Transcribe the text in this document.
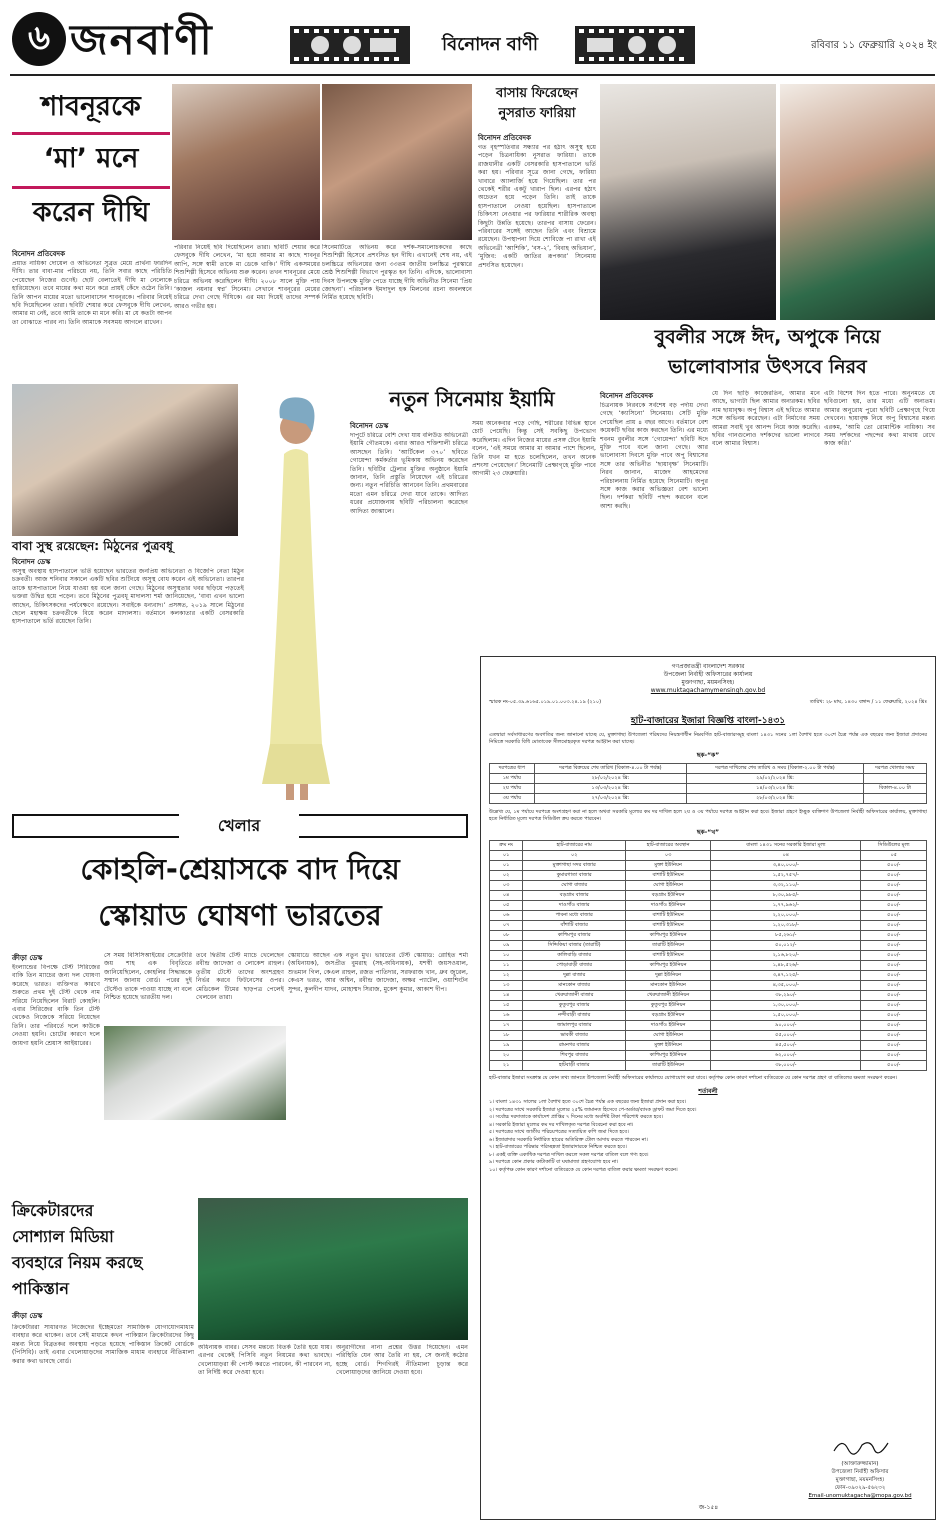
৬ জনবাণী	বিনোদন বাণী	রবিবার ১১ ফেব্রুয়ারি ২০২৪ ইং
শাবনূরকে
‘মা’ মনে
করেন দীঘি
বিনোদন প্রতিবেদক
প্রয়াত নায়িকা দোয়েল ও অভিনেতা সুব্রত মেয়ে প্রার্থনা ফারদিন দীঘি। তার বাবা-মার পরিচয়ে নয়, তিনি সবার কাছে পরিচিতি পেয়েছেন নিজের গুণেই। ছোট বেলাতেই দীঘি মা নেলোকে হারিয়েছেন। তবে মায়ের কথা মনে করে প্রায়ই কেঁদে ওঠেন তিনি। তিনি আপন মায়ের মতো ভালোবাসেন শাবনূরকে। পরিবার নিয়েই ছবি দিয়েছিলেন তারা। ছবিটি শেয়ার করে ফেসবুকে দীঘি লেখেন, আমার মা নেই, তবে আমি তাকে মা মনে করি। মা যে কতটা আপন তা বোঝাতে পারব না। তিনি আমাকে সবসময় আগলে রাখেন।
পরিবার নিয়েই ছবি দিয়েছিলেন তারা। ছবিটি শেয়ার করে ফেসবুকে দীঘি লেখেন, ‘মা হয়ে আমার মা কাছে শাবনূর আপি, সঙ্গে স্বামী তাকে মা ডেকে থাকি।’ দীঘি একসময়ের শিশুশিল্পী হিসেবে অভিনয় শুরু করেন। তখন শাবনূরের মেয়ে চরিত্রে অভিনয় করেছিলেন দীঘি। ২০০৮ সালে মুক্তি পায় ‘কাজল নয়নার স্বপ্ন’ সিনেমা। সেখানে শাবনূরের মেয়ের চরিত্রে দেখা গেছে দীঘিকে। এর মধ্য দিয়েই তাদের সম্পর্ক আরও গভীর হয়।
সিনেমাটিতে অভিনয় করে দর্শক-সমালোচকদের কাছে শিশুশিল্পী হিসেবে প্রশংসিত হন দীঘি। এখানেই শেষ নয়, এই চলচ্চিত্রে অভিনয়ের জন্য ৩৩তম জাতীয় চলচ্চিত্র পুরস্কারে শ্রেষ্ঠ শিশুশিল্পী বিভাগে পুরস্কৃত হন তিনি। এদিকে, ভালোবাসা দিবস উপলক্ষে মুক্তি পেতে যাচ্ছে দীঘি অভিনীত সিনেমা ‘প্রিয় জোছনা’। পরিচালক ইমদাদুল হক মিলনের রচনা অবলম্বনে নির্মিত হয়েছে ছবিটি।
বাসায় ফিরেছেন
নুসরাত ফারিয়া
বিনোদন প্রতিবেদক
গত বৃহস্পতিবার সন্ধ্যার পর হঠাৎ অসুস্থ হয়ে পড়েন চিত্রনায়িকা নুসরাত ফারিয়া। তাকে রাজধানীর একটি বেসরকারি হাসপাতালে ভর্তি করা হয়। পরিবার সূত্রে জানা গেছে, ফারিয়া খাবারে অ্যালার্জি হয়ে গিয়েছিল। তার পর থেকেই শরীর একটু খারাপ ছিল। এরপর হঠাৎ অচেতন হয়ে পড়েন তিনি। তাই তাকে হাসপাতালে নেওয়া হয়েছিল। হাসপাতালে চিকিৎসা নেওয়ার পর ফারিয়ার শারীরিক অবস্থা কিছুটা উন্নতি হয়েছে। তারপর বাসায় ফেরেন। পরিবারের সঙ্গেই আছেন তিনি এবং বিশ্রামে রয়েছেন। উপস্থাপনা দিয়ে শোবিজে পা রাখা এই অভিনেত্রী ‘আশিকি’, ‘বস-২’, ‘বিবাহ অভিযান’, ‘মুজিব: একটি জাতির রূপকার’ সিনেমায় প্রশংসিত হয়েছেন।
বুবলীর সঙ্গে ঈদ, অপুকে নিয়ে
ভালোবাসার উৎসবে নিরব
বিনোদন প্রতিবেদক
চিত্রনায়ক নিরবকে সর্বশেষ বড় পর্দায় দেখা গেছে ‘ক্যাসিনো’ সিনেমায়। সেটি মুক্তি পেয়েছিল প্রায় ৪ বছর আগে। বর্তমানে বেশ কয়েকটি ছবির কাজ করছেন তিনি। এর মধ্যে শবনম বুবলীর সঙ্গে ‘গোয়েন্দা’ ছবিটি ঈদে মুক্তি পাবে বলে জানা গেছে। আর ভালোবাসা দিবসে মুক্তি পাবে অপু বিশ্বাসের সঙ্গে তার অভিনীত ‘ছায়াবৃক্ষ’ সিনেমাটি। নিরব জানান, মাজেদ আহমেদের পরিচালনায় নির্মিত হয়েছে সিনেমাটি। অপুর সঙ্গে কাজ করার অভিজ্ঞতা বেশ ভালো ছিল। দর্শকরা ছবিটি পছন্দ করবেন বলে আশা করছি।
যে দিন ছাড়ি কাজেরতিন, আমার মনে আছে, ভাগ্যটা ছিল আমার অন্যরকম। ছবির নাম ছায়াবৃক্ষ। অপু বিশ্বাস এই ছবিতে আমার সঙ্গে অভিনয় করেছেন। এটা নির্মাণের সময় আমরা সবাই খুব আনন্দ নিয়ে কাজ করেছি। ছবির গানগুলোও দর্শকদের ভালো লাগবে বলে আমার বিশ্বাস।
এটা বিশেষ দিন হতে পারে। অনুনমতে যে ছবিগুলো হয়, তার মধ্যে এটি অন্যতম। আমার অনুরোধ পুরো ছবিটি প্রেক্ষাগৃহে গিয়ে দেখবেন। ছায়াবৃক্ষ নিয়ে অপু বিশ্বাসের মন্তব্য এরকম, ‘আমি তো রোমান্টিক নায়িকা। সব সময় দর্শকদের পছন্দের কথা মাথায় রেখে কাজ করি।’
বাবা সুস্থ রয়েছেন: মিঠুনের পুত্রবধূ
বিনোদন ডেস্ক
অসুস্থ অবস্থায় হাসপাতালে ভর্তি হয়েছেন ভারতের জনপ্রিয় অভিনেতা ও বিজেপি নেতা মিঠুন চক্রবর্তী। আজ শনিবার সকালে একটি ছবির শুটিংয়ে অসুস্থ বোধ করেন এই অভিনেতা। তারপর তাকে হাসপাতালে নিয়ে যাওয়া হয় বলে জানা গেছে। মিঠুনের অসুস্থতার খবর ছড়িয়ে পড়তেই ভক্তরা উদ্বিগ্ন হয়ে পড়েন। তবে মিঠুনের পুত্রবধূ মাদালসা শর্মা জানিয়েছেন, ‘বাবা এখন ভালো আছেন, চিকিৎসকদের পর্যবেক্ষণে রয়েছেন। সবাইকে ধন্যবাদ।’ প্রসঙ্গত, ২০১৯ সালে মিঠুনের ছেলে মহাক্ষয় চক্রবর্তীকে বিয়ে করেন মাদালসা। বর্তমানে কলকাতার একটি বেসরকারি হাসপাতালে ভর্তি রয়েছেন তিনি।
নতুন সিনেমায় ইয়ামি
বিনোদন ডেস্ক
দাপুটে চরিত্রে বেশি দেখা যায় বলিউড অভিনেত্রী ইয়ামি গৌতমকে। এবার আরও শক্তিশালী চরিত্রে আসছেন তিনি। ‘আর্টিকেল ৩৭০’ ছবিতে গোয়েন্দা কর্মকর্তার ভূমিকায় অভিনয় করেছেন তিনি। ছবিটির ট্রেলার মুক্তির অনুষ্ঠানে ইয়ামি জানান, তিনি প্রস্তুতি নিয়েছেন এই চরিত্রের জন্য। নতুন পরিচিতি আনবেন তিনি। প্রথমবারের মতো এমন চরিত্রে দেখা যাবে তাকে। আদিত্য ধরের প্রযোজনায় ছবিটি পরিচালনা করেছেন আদিত্য জাম্ভালে।
সময় অনেকবার পড়ে গেছি, শরীরের বিভিন্ন স্থানে চোট পেয়েছি। কিন্তু সেই সবকিছু উপভোগ করেছিলাম। এদিন নিজের মায়ের প্রসঙ্গ টেনে ইয়ামি বলেন, ‘এই সময়ে আমার মা আমার পাশে ছিলেন, তিনি যখন মা হতে চলেছিলেন, তখন অনেক প্রশংসা পেয়েছেন।’ সিনেমাটি প্রেক্ষাগৃহে মুক্তি পাবে আগামী ২৩ ফেব্রুয়ারি।
খেলার
কোহলি-শ্রেয়াসকে বাদ দিয়ে
স্কোয়াড ঘোষণা ভারতের
ক্রীড়া ডেস্ক
ইংল্যান্ডের বিপক্ষে টেস্ট সিরিজের বাকি তিন ম্যাচের জন্য দল ঘোষণা করেছে ভারত। ব্যক্তিগত কারণে শুরুতে প্রথম দুই টেস্ট থেকে নাম সরিয়ে নিয়েছিলেন বিরাট কোহলি। এবার সিরিজের বাকি তিন টেস্ট থেকেও নিজেকে সরিয়ে নিয়েছেন তিনি। তার পরিবর্তে দলে কাউকে নেওয়া হয়নি। চোটের কারণে দলে জায়গা হয়নি শ্রেয়াস আইয়ারের।
সে সময় বিসিসিআইয়ের সেক্রেটারি জয় শাহ এক বিবৃতিতে জানিয়েছিলেন, কোহলির সিদ্ধান্তকে সম্মান জানায় বোর্ড। পরের দুই টেস্টেও তাকে পাওয়া যাচ্ছে না বলে নিশ্চিত হয়েছে ভারতীয় দল।
তবে দ্বিতীয় টেস্ট ম্যাচে খেলেছেন রবীন্দ্র জাদেজা ও লোকেশ রাহুল। তৃতীয় টেস্টে তাদের অংশগ্রহণ নির্ভর করবে ফিটনেসের ওপর। মেডিকেল টিমের ছাড়পত্র পেলেই খেলবেন তারা।
স্কোয়াডে আছেন এক নতুন মুখ। ভারতের টেস্ট স্কোয়াড: রোহিত শর্মা (অধিনায়ক), জসপ্রীত বুমরাহ (সহ-অধিনায়ক), যশস্বী জয়সওয়াল, শুভমান গিল, কেএল রাহুল, রজত পাতিদার, সরফরাজ খান, ধ্রুব জুরেল, কেএস ভরত, আর অশ্বিন, রবীন্দ্র জাদেজা, অক্ষর প্যাটেল, ওয়াশিংটন সুন্দর, কুলদীপ যাদব, মোহাম্মদ সিরাজ, মুকেশ কুমার, আকাশ দীপ।
ক্রিকেটারদের
সোশ্যাল মিডিয়া
ব্যবহারে নিয়ম করছে
পাকিস্তান
ক্রীড়া ডেস্ক
ক্রিকেটাররা সাধারণত নিজেদের ইচ্ছেমতো সামাজিক যোগাযোগমাধ্যম ব্যবহার করে থাকেন। তবে সেই মাধ্যমে কখন পাকিস্তান ক্রিকেটারদের কিছু মন্তব্য নিয়ে বিব্রতকর অবস্থায় পড়তে হয়েছে পাকিস্তান ক্রিকেট বোর্ডকে (পিসিবি)। তাই এবার খেলোয়াড়দের সামাজিক মাধ্যম ব্যবহারে নীতিমালা করার কথা ভাবছে বোর্ড।
অধিনায়ক বাবর। সেসব মন্তব্যে বিতর্ক তৈরি হয়ে যায়। এরপর থেকেই পিসিবি নতুন নিয়মের কথা ভাবছে। খেলোয়াড়রা কী পোস্ট করতে পারবেন, কী পারবেন না, তা নির্দিষ্ট করে দেওয়া হবে।
অনুরাগীদের নানা প্রশ্নের উত্তর দিয়েছেন। এমন পরিস্থিতি যেন আর তৈরি না হয়, সে জন্যই কঠোর হচ্ছে বোর্ড। শিগগিরই নীতিমালা চূড়ান্ত করে খেলোয়াড়দের জানিয়ে দেওয়া হবে।
গণপ্রজাতন্ত্রী বাংলাদেশ সরকার
উপজেলা নির্বাহী অফিসারের কার্যালয়
মুক্তাগাছা, ময়মনসিংহ।
www.muktagachamymensingh.gov.bd
স্মারক নং-০৫.৩৯.৬১৬৫.০১৯.০১.০০৩.২৪.১৯ (২১০)	তারিখ: ২৮ মাঘ, ১৪৩০ বঙ্গাব্দ / ১১ ফেব্রুয়ারি, ২০২৪ খ্রিঃ
হাট-বাজারের ইজারা বিজ্ঞপ্তি বাংলা-১৪৩১
এতদ্বারা সর্বসাধারণের অবগতির জন্য জানানো যাচ্ছে যে, মুক্তাগাছা উপজেলা পরিষদের নিয়ন্ত্রণাধীন নিম্নবর্ণিত হাট-বাজারসমূহ বাংলা ১৪৩১ সনের ১লা বৈশাখ হতে ৩০শে চৈত্র পর্যন্ত এক বছরের জন্য ইজারা প্রদানের নিমিত্তে সরকারি বিধি মোতাবেক সীলমোহরকৃত দরপত্র আহ্বান করা যাচ্ছে।
ছক-“ক”
দরপত্রের ধাপ	দরপত্র বিক্রয়ের শেষ তারিখ (বিকাল-৪.০০ টা পর্যন্ত)	দরপত্র দাখিলের শেষ তারিখ ও সময় (বিকাল-২.০০ টা পর্যন্ত)	দরপত্র খোলার সময়
১ম পর্যায়	২৮/০২/২০২৪ খ্রি:	২৯/০২/২০২৪ খ্রি:	
২য় পর্যায়	১৩/০৩/২০২৪ খ্রি:	১৪/০৩/২০২৪ খ্রি:	বিকাল-৪.০০ টা
৩য় পর্যায়	২৭/০৩/২০২৪ খ্রি:	২৮/০৩/২০২৪ খ্রি:	
উল্লেখ্য যে, ১ম পর্যায়ে দরপত্রে অংশগ্রহণ করা না হলে অথবা সরকারি মূল্যের কম দর দাখিল হলে ২য় ও ৩য় পর্যায়ে দরপত্র আহ্বান করা হবে। ইজারা গ্রহণে ইচ্ছুক ব্যক্তিগণ উপজেলা নির্বাহী অফিসারের কার্যালয়, মুক্তাগাছা হতে নির্ধারিত মূল্যে দরপত্র সিডিউল ক্রয় করতে পারবেন।
ছক-“খ”
ক্রম নং	হাট-বাজারের নাম	হাট-বাজারের অবস্থান	বাংলা ১৪৩১ সনের সরকারি ইজারা মূল্য	সিডিউলের মূল্য
০১	০২	০৩	০৪	০৫
০১	মুক্তাগাছা সদর বাজার	মুক্তা ইউনিয়ন	৩,৪০,০০০/-	৫০০/-
০২	কুমারগাতা বাজার	বাশাটি ইউনিয়ন	১,৫২,৭৫৭/-	৫০০/-
০৩	ঘোগা বাজার	ঘোগা ইউনিয়ন	৩,৩২,১১০/-	৫০০/-
০৪	বড়গ্রাম বাজার	বড়গ্রাম ইউনিয়ন	৮,৩০,৯৮৫/-	৫০০/-
০৫	দাওগাঁও বাজার	দাওগাঁও ইউনিয়ন	১,৭৭,৯৬২/-	৫০০/-
০৬	পাবনা মধ্যে বাজার	বাশাটি ইউনিয়ন	২,২০,০০০/-	৫০০/-
০৭	বাঁশাটি বাজার	বাশাটি ইউনিয়ন	১,২০,৩১৮/-	৫০০/-
০৮	কাশিমপুর বাজার	কাশিমপুর ইউনিয়ন	৮৫,২৬১/-	৫০০/-
০৯	সিদ্দিকিয়া বাজার (তারাটি)	তারাটি ইউনিয়ন	৫০,০১২/-	৫০০/-
১০	কালিবাড়ি বাজার	বাশাটি ইউনিয়ন	২,১৬,৮২০/-	৫০০/-
১১	পোড়াবাড়ী বাজার	কাশিমপুর ইউনিয়ন	১,৪৮,৫২৬/-	৫০০/-
১২	দুল্লা বাজার	দুল্লা ইউনিয়ন	৩,৪৭,১২৫/-	৫০০/-
১৩	মানকোন বাজার	মানকোন ইউনিয়ন	৪,৩৫,০০০/-	৫০০/-
১৪	খেরুয়াজানী বাজার	খেরুয়াজানী ইউনিয়ন	৩৮,২৯০/-	৫০০/-
১৫	কুতুবপুর বাজার	কুতুবপুর ইউনিয়ন	১,৩০,০০০/-	৫০০/-
১৬	নন্দীবাড়ী বাজার	বড়গ্রাম ইউনিয়ন	১,৫০,০০০/-	৫০০/-
১৭	জামালপুর বাজার	দাওগাঁও ইউনিয়ন	৯০,০০০/-	৫০০/-
১৮	ভাবকী বাজার	ঘোগা ইউনিয়ন	৫৫,০০০/-	৫০০/-
১৯	রামনগর বাজার	মুক্তা ইউনিয়ন	৪৫,৫০০/-	৫০০/-
২০	শিবপুর বাজার	কাশিমপুর ইউনিয়ন	৬২,০০০/-	৫০০/-
২১	হাটবাড়ী বাজার	তারাটি ইউনিয়ন	৩৮,০০০/-	৫০০/-
হাট-বাজার ইজারা সংক্রান্ত যে কোন তথ্য জানতে উপজেলা নির্বাহী অফিসারের কার্যালয়ে যোগাযোগ করা যাবে। কর্তৃপক্ষ কোন কারণ দর্শানো ব্যতিরেকে যে কোন দরপত্র গ্রহণ বা বাতিলের ক্ষমতা সংরক্ষণ করেন।
শর্তাবলী
১। বাংলা ১৪৩১ সালের ১লা বৈশাখ হতে ৩০শে চৈত্র পর্যন্ত এক বছরের জন্য ইজারা প্রদান করা হবে।
২। দরপত্রের সাথে সরকারি ইজারা মূল্যের ২৫% জামানত হিসেবে পে-অর্ডার/ব্যাংক ড্রাফট জমা দিতে হবে।
৩। সর্বোচ্চ দরদাতাকে কার্যাদেশ প্রাপ্তির ৭ দিনের মধ্যে অবশিষ্ট টাকা পরিশোধ করতে হবে।
৪। সরকারি ইজারা মূল্যের কম দর দাখিলকৃত দরপত্র বিবেচনা করা হবে না।
৫। দরপত্রের সাথে জাতীয় পরিচয়পত্রের সত্যায়িত কপি জমা দিতে হবে।
৬। ইজারাদার সরকারি নির্ধারিত হারের অতিরিক্ত টোল আদায় করতে পারবেন না।
৭। হাট-বাজারের পরিষ্কার পরিচ্ছন্নতা ইজারাদারকে নিশ্চিত করতে হবে।
৮। একই ব্যক্তি একাধিক দরপত্র দাখিল করলে সকল দরপত্র বাতিল বলে গণ্য হবে।
৯। দরপত্রে কোন প্রকার কাটাকাটি বা ঘষামাজা গ্রহণযোগ্য হবে না।
১০। কর্তৃপক্ষ কোন কারণ দর্শানো ব্যতিরেকে যে কোন দরপত্র বাতিল করার ক্ষমতা সংরক্ষণ করেন।
(আক্তারুজ্জামান)
উপজেলা নির্বাহী অফিসার
মুক্তাগাছা, ময়মনসিংহ।
ফোন-০৯০২৯-৫৬২৩২
Email-unomuktagacha@mopa.gov.bd
জ-১৫৪
